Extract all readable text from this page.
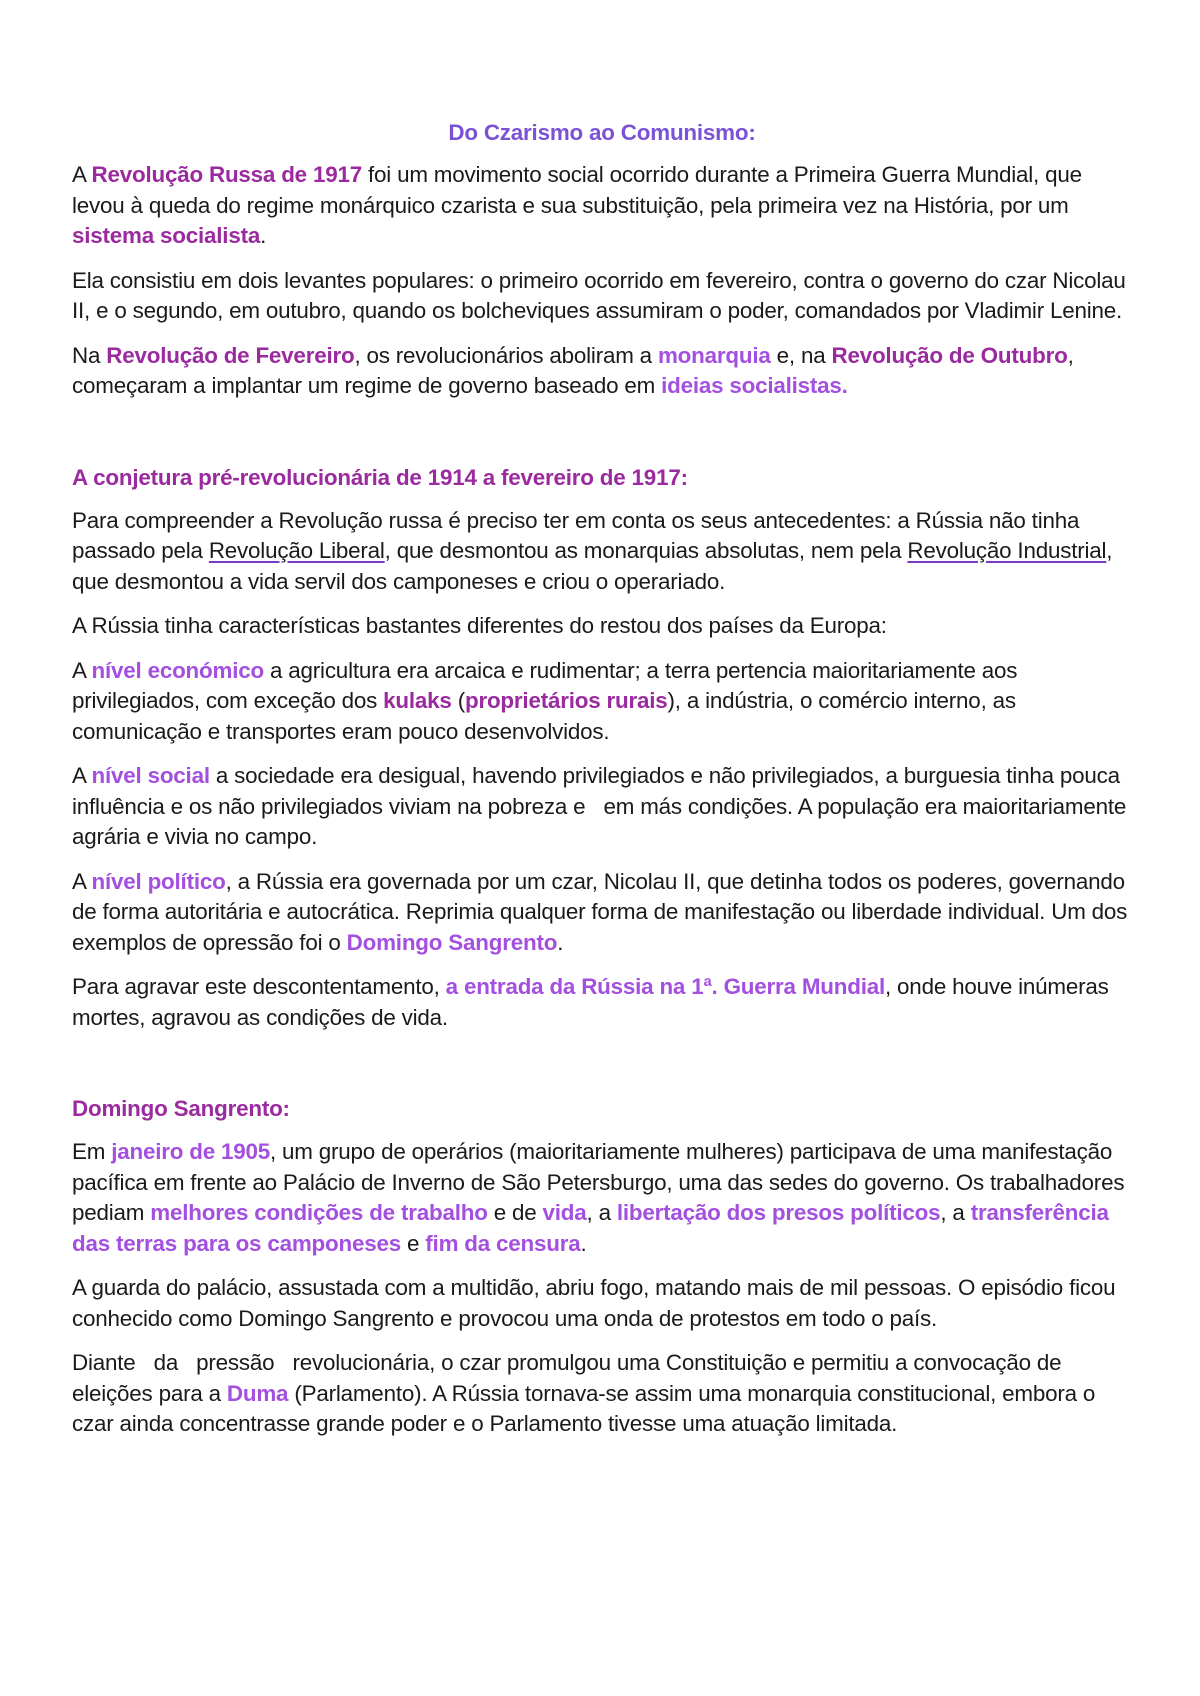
Do Czarismo ao Comunismo:

A Revolução Russa de 1917 foi um movimento social ocorrido durante a Primeira Guerra Mundial, que levou à queda do regime monárquico czarista e sua substituição, pela primeira vez na História, por um sistema socialista.

Ela consistiu em dois levantes populares: o primeiro ocorrido em fevereiro, contra o governo do czar Nicolau II, e o segundo, em outubro, quando os bolcheviques assumiram o poder, comandados por Vladimir Lenine.

Na Revolução de Fevereiro, os revolucionários aboliram a monarquia e, na Revolução de Outubro, começaram a implantar um regime de governo baseado em ideias socialistas.

A conjetura pré-revolucionária de 1914 a fevereiro de 1917:

Para compreender a Revolução russa é preciso ter em conta os seus antecedentes: a Rússia não tinha passado pela Revolução Liberal, que desmontou as monarquias absolutas, nem pela Revolução Industrial, que desmontou a vida servil dos camponeses e criou o operariado.

A Rússia tinha características bastantes diferentes do restou dos países da Europa:

A nível económico a agricultura era arcaica e rudimentar; a terra pertencia maioritariamente aos privilegiados, com exceção dos kulaks (proprietários rurais), a indústria, o comércio interno, as comunicação e transportes eram pouco desenvolvidos.

A nível social a sociedade era desigual, havendo privilegiados e não privilegiados, a burguesia tinha pouca influência e os não privilegiados viviam na pobreza e   em más condições. A população era maioritariamente agrária e vivia no campo.

A nível político, a Rússia era governada por um czar, Nicolau II, que detinha todos os poderes, governando de forma autoritária e autocrática. Reprimia qualquer forma de manifestação ou liberdade individual. Um dos exemplos de opressão foi o Domingo Sangrento.

Para agravar este descontentamento, a entrada da Rússia na 1ª. Guerra Mundial, onde houve inúmeras mortes, agravou as condições de vida.

Domingo Sangrento:

Em janeiro de 1905, um grupo de operários (maioritariamente mulheres) participava de uma manifestação pacífica em frente ao Palácio de Inverno de São Petersburgo, uma das sedes do governo. Os trabalhadores pediam melhores condições de trabalho e de vida, a libertação dos presos políticos, a transferência das terras para os camponeses e fim da censura.

A guarda do palácio, assustada com a multidão, abriu fogo, matando mais de mil pessoas. O episódio ficou conhecido como Domingo Sangrento e provocou uma onda de protestos em todo o país.

Diante   da   pressão   revolucionária, o czar promulgou uma Constituição e permitiu a convocação de eleições para a Duma (Parlamento). A Rússia tornava-se assim uma monarquia constitucional, embora o czar ainda concentrasse grande poder e o Parlamento tivesse uma atuação limitada.
